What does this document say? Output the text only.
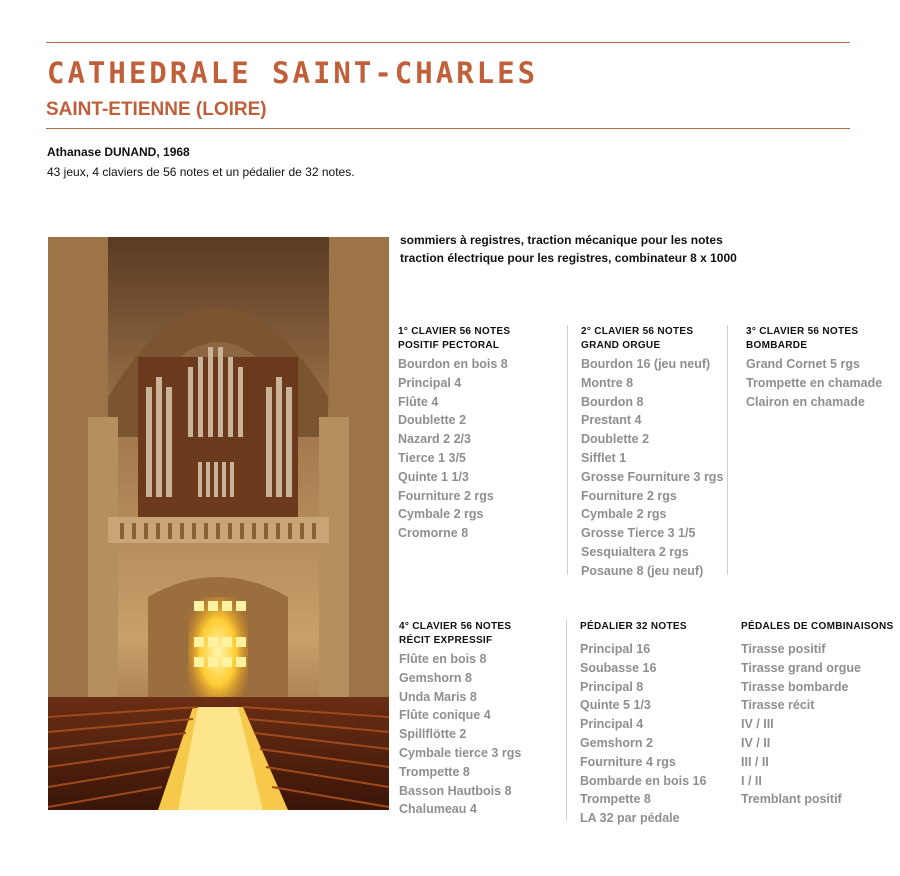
CATHEDRALE SAINT-CHARLES
SAINT-ETIENNE (LOIRE)
Athanase DUNAND, 1968
43 jeux, 4 claviers de 56 notes et un pédalier de 32 notes.
sommiers à registres, traction mécanique pour les notes
traction électrique pour les registres, combinateur 8 x 1000
1° CLAVIER 56 NOTES
POSITIF PECTORAL
Bourdon en bois 8
Principal 4
Flûte 4
Doublette 2
Nazard 2 2/3
Tierce 1 3/5
Quinte 1 1/3
Fourniture 2 rgs
Cymbale 2 rgs
Cromorne 8
2° CLAVIER 56 NOTES
GRAND ORGUE
Bourdon 16 (jeu neuf)
Montre 8
Bourdon 8
Prestant 4
Doublette 2
Sifflet 1
Grosse Fourniture 3 rgs
Fourniture 2 rgs
Cymbale 2 rgs
Grosse Tierce 3 1/5
Sesquialtera 2 rgs
Posaune 8 (jeu neuf)
3° CLAVIER 56 NOTES
BOMBARDE
Grand Cornet 5 rgs
Trompette en chamade
Clairon en chamade
4° CLAVIER 56 NOTES
RÉCIT EXPRESSIF
Flûte en bois 8
Gemshorn 8
Unda Maris 8
Flûte conique 4
Spillflötte 2
Cymbale tierce 3 rgs
Trompette 8
Basson Hautbois 8
Chalumeau 4
PÉDALIER 32 NOTES
Principal 16
Soubasse 16
Principal 8
Quinte 5 1/3
Principal 4
Gemshorn 2
Fourniture 4 rgs
Bombarde en bois 16
Trompette 8
LA 32 par pédale
PÉDALES DE COMBINAISONS
Tirasse positif
Tirasse grand orgue
Tirasse bombarde
Tirasse récit
IV / III
IV / II
III / II
I / II
Tremblant positif
